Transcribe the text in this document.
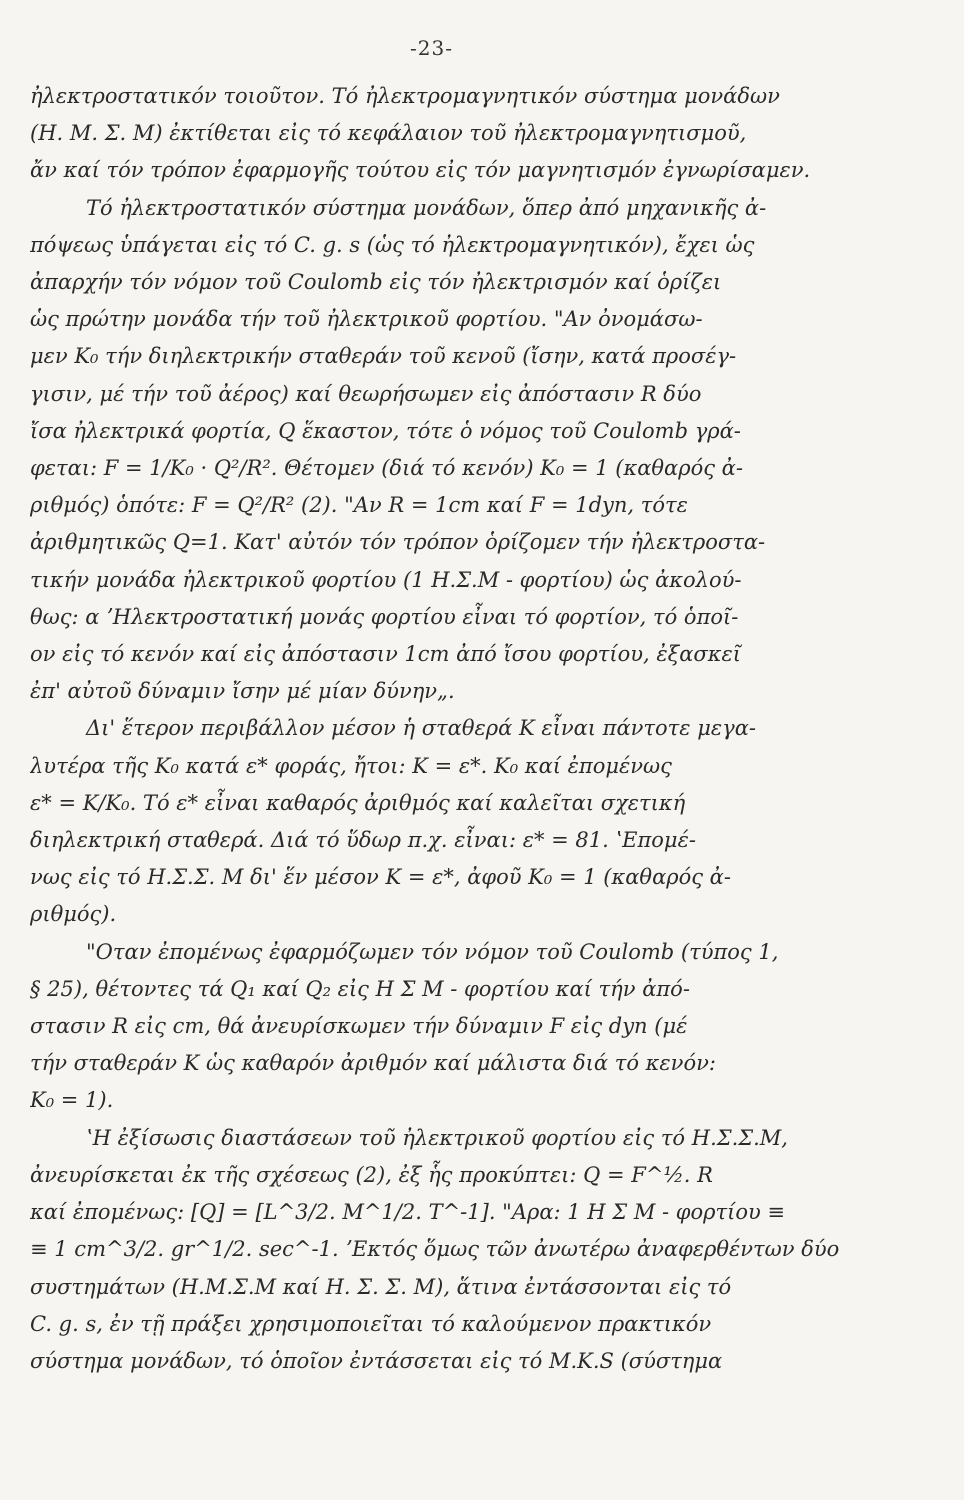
-23-
ἠλεκτροστατικόν τοιοῦτον. Τό ἠλεκτρομαγνητικόν σύστημα μονάδων
(Η. Μ. Σ. Μ) ἐκτίθεται εἰς τό κεφάλαιον τοῦ ἠλεκτρομαγνητισμοῦ,
ἄν καί τόν τρόπον ἐφαρμογῆς τούτου εἰς τόν μαγνητισμόν ἐγνωρίσαμεν.
Τό ἠλεκτροστατικόν σύστημα μονάδων, ὅπερ ἀπό μηχανικῆς ἀ-
πόψεως ὑπάγεται εἰς τό C. g. s (ὡς τό ἠλεκτρομαγνητικόν), ἔχει ὡς
ἀπαρχήν τόν νόμον τοῦ Coulomb εἰς τόν ἠλεκτρισμόν καί ὁρίζει
ὡς πρώτην μονάδα τήν τοῦ ἠλεκτρικοῦ φορτίου. "Αν ὀνομάσω-
μεν K₀ τήν διηλεκτρικήν σταθεράν τοῦ κενοῦ (ἴσην, κατά προσέγ-
γισιν, μέ τήν τοῦ ἀέρος) καί θεωρήσωμεν εἰς ἀπόστασιν R δύο
ἴσα ἠλεκτρικά φορτία, Q ἕκαστον, τότε ὁ νόμος τοῦ Coulomb γρά-
φεται: F = 1/K₀ · Q²/R². Θέτομεν (διά τό κενόν) K₀ = 1 (καθαρός ἀ-
ριθμός) ὁπότε: F = Q²/R² (2). "Αν R = 1cm καί F = 1dyn, τότε
ἀριθμητικῶς Q=1. Κατ' αὐτόν τόν τρόπον ὁρίζομεν τήν ἠλεκτροστα-
τικήν μονάδα ἠλεκτρικοῦ φορτίου (1 Η.Σ.Μ - φορτίου) ὡς ἀκολού-
θως: α ʼΗλεκτροστατική μονάς φορτίου εἶναι τό φορτίον, τό ὁποῖ-
ον εἰς τό κενόν καί εἰς ἀπόστασιν 1cm ἀπό ἴσου φορτίου, ἐξασκεῖ
ἐπ' αὐτοῦ δύναμιν ἴσην μέ μίαν δύνην„.
Δι' ἕτερον περιβάλλον μέσον ἡ σταθερά K εἶναι πάντοτε μεγα-
λυτέρα τῆς K₀ κατά ε* φοράς, ἤτοι: K = ε*. K₀ καί ἐπομένως
ε* = K/K₀. Τό ε* εἶναι καθαρός ἀριθμός καί καλεῖται σχετική
διηλεκτρική σταθερά. Διά τό ὕδωρ π.χ. εἶναι: ε* = 81. ʽΕπομέ-
νως εἰς τό Η.Σ.Σ. Μ δι' ἕν μέσον K = ε*, ἀφοῦ K₀ = 1 (καθαρός ἀ-
ριθμός).
"Οταν ἐπομένως ἐφαρμόζωμεν τόν νόμον τοῦ Coulomb (τύπος 1,
§ 25), θέτοντες τά Q₁ καί Q₂ εἰς Η Σ Μ - φορτίου καί τήν ἀπό-
στασιν R εἰς cm, θά ἀνευρίσκωμεν τήν δύναμιν F εἰς dyn (μέ
τήν σταθεράν K ὡς καθαρόν ἀριθμόν καί μάλιστα διά τό κενόν:
K₀ = 1).
ʽΗ ἐξίσωσις διαστάσεων τοῦ ἠλεκτρικοῦ φορτίου εἰς τό Η.Σ.Σ.Μ,
ἀνευρίσκεται ἐκ τῆς σχέσεως (2), ἐξ ἧς προκύπτει: Q = F^½. R
καί ἐπομένως: [Q] = [L^3/2. M^1/2. T^-1]. "Αρα: 1 Η Σ Μ - φορτίου ≡
≡ 1 cm^3/2. gr^1/2. sec^-1. ʼΕκτός ὅμως τῶν ἀνωτέρω ἀναφερθέντων δύο
συστημάτων (Η.Μ.Σ.Μ καί Η. Σ. Σ. Μ), ἅτινα ἐντάσσονται εἰς τό
C. g. s, ἐν τῇ πράξει χρησιμοποιεῖται τό καλούμενον πρακτικόν
σύστημα μονάδων, τό ὁποῖον ἐντάσσεται εἰς τό M.K.S (σύστημα
